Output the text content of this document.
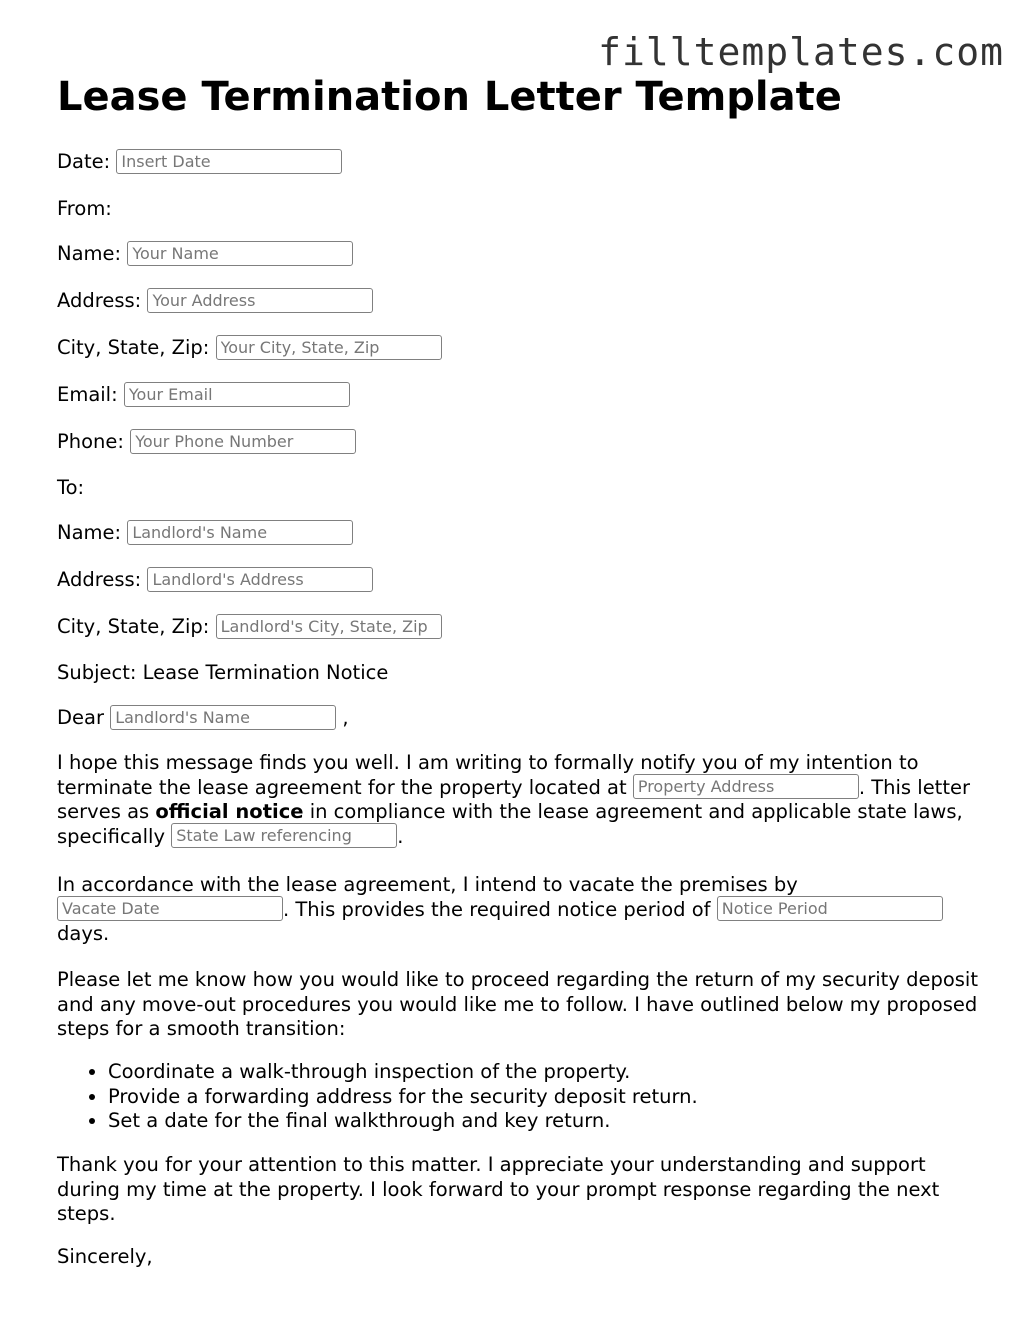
filltemplates.com
Lease Termination Letter Template
Date: Insert Date
From:
Name: Your Name
Address: Your Address
City, State, Zip: Your City, State, Zip
Email: Your Email
Phone: Your Phone Number
To:
Name: Landlord's Name
Address: Landlord's Address
City, State, Zip: Landlord's City, State, Zip
Subject: Lease Termination Notice
Dear Landlord's Name	,
I hope this message finds you well. I am writing to formally notify you of my intention to terminate the lease agreement for the property located at Property Address	. This letter serves as official notice in compliance with the lease agreement and applicable state laws, specifically State Law referencing	.
In accordance with the lease agreement, I intend to vacate the premises by Vacate Date. This provides the required notice period of Notice Period days.
Please let me know how you would like to proceed regarding the return of my security deposit and any move-out procedures you would like me to follow. I have outlined below my proposed steps for a smooth transition:
• Coordinate a walk-through inspection of the property.
• Provide a forwarding address for the security deposit return.
• Set a date for the final walkthrough and key return.
Thank you for your attention to this matter. I appreciate your understanding and support during my time at the property. I look forward to your prompt response regarding the next steps.
Sincerely,
